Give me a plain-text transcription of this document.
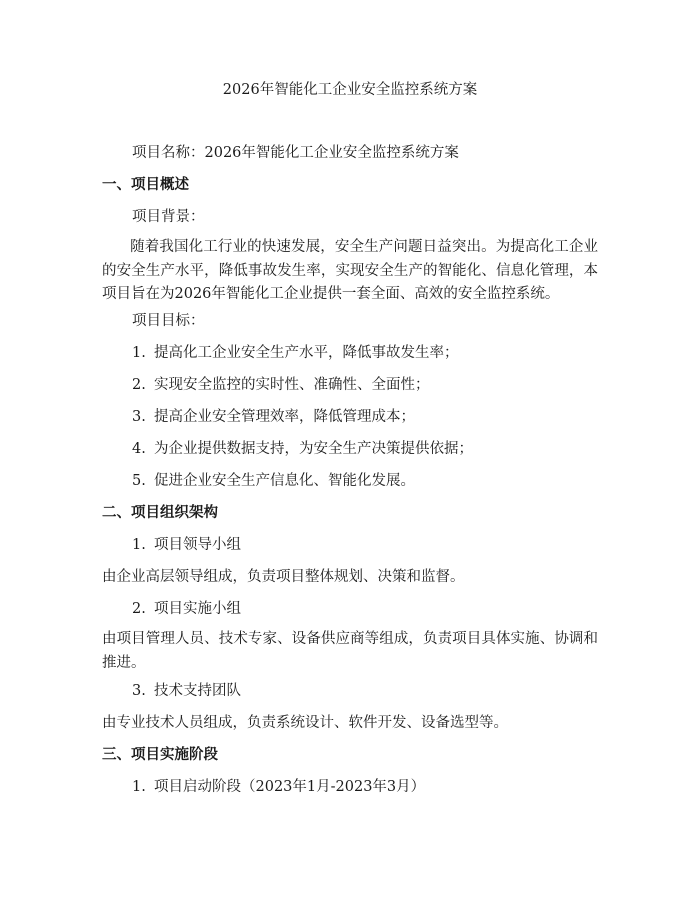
2026年智能化工企业安全监控系统方案
项目名称：2026年智能化工企业安全监控系统方案
一、项目概述
项目背景：
随着我国化工行业的快速发展，安全生产问题日益突出。为提高化工企业的安全生产水平，降低事故发生率，实现安全生产的智能化、信息化管理，本项目旨在为2026年智能化工企业提供一套全面、高效的安全监控系统。
项目目标：
1. 提高化工企业安全生产水平，降低事故发生率；
2. 实现安全监控的实时性、准确性、全面性；
3. 提高企业安全管理效率，降低管理成本；
4. 为企业提供数据支持，为安全生产决策提供依据；
5. 促进企业安全生产信息化、智能化发展。
二、项目组织架构
1. 项目领导小组
由企业高层领导组成，负责项目整体规划、决策和监督。
2. 项目实施小组
由项目管理人员、技术专家、设备供应商等组成，负责项目具体实施、协调和推进。
3. 技术支持团队
由专业技术人员组成，负责系统设计、软件开发、设备选型等。
三、项目实施阶段
1. 项目启动阶段（2023年1月-2023年3月）
